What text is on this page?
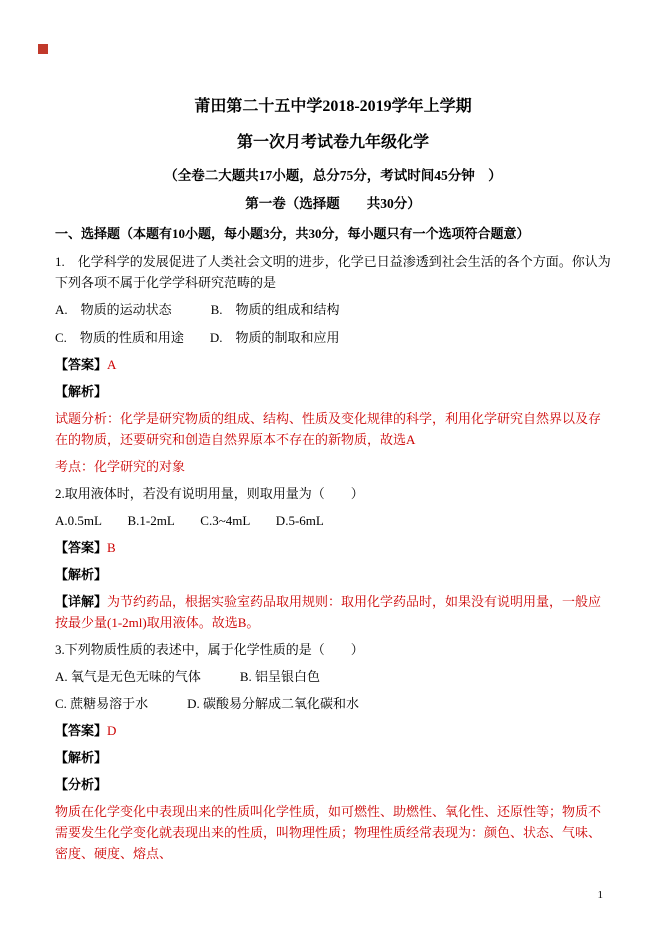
莆田第二十五中学2018-2019学年上学期

第一次月考试卷九年级化学

（全卷二大题共17小题，总分75分，考试时间45分钟　）

第一卷（选择题　　共30分）

一、选择题（本题有10小题，每小题3分，共30分，每小题只有一个选项符合题意）

1.　化学科学的发展促进了人类社会文明的进步，化学已日益渗透到社会生活的各个方面。你认为下列各项不属于化学学科研究范畴的是

A.　物质的运动状态　　　B.　物质的组成和结构

C.　物质的性质和用途　　D.　物质的制取和应用

【答案】A

【解析】

试题分析：化学是研究物质的组成、结构、性质及变化规律的科学，利用化学研究自然界以及存在的物质，还要研究和创造自然界原本不存在的新物质，故选A

考点：化学研究的对象

2.取用液体时，若没有说明用量，则取用量为（　　）

A.0.5mL　　B.1-2mL　　C.3~4mL　　D.5-6mL

【答案】B

【解析】

【详解】为节约药品，根据实验室药品取用规则：取用化学药品时，如果没有说明用量，一般应按最少量(1-2ml)取用液体。故选B。

3.下列物质性质的表述中，属于化学性质的是（　　）

A. 氧气是无色无味的气体　　　B. 铝呈银白色

C. 蔗糖易溶于水　　　D. 碳酸易分解成二氧化碳和水

【答案】D

【解析】

【分析】

物质在化学变化中表现出来的性质叫化学性质，如可燃性、助燃性、氧化性、还原性等；物质不需要发生化学变化就表现出来的性质，叫物理性质；物理性质经常表现为：颜色、状态、气味、密度、硬度、熔点、

1
